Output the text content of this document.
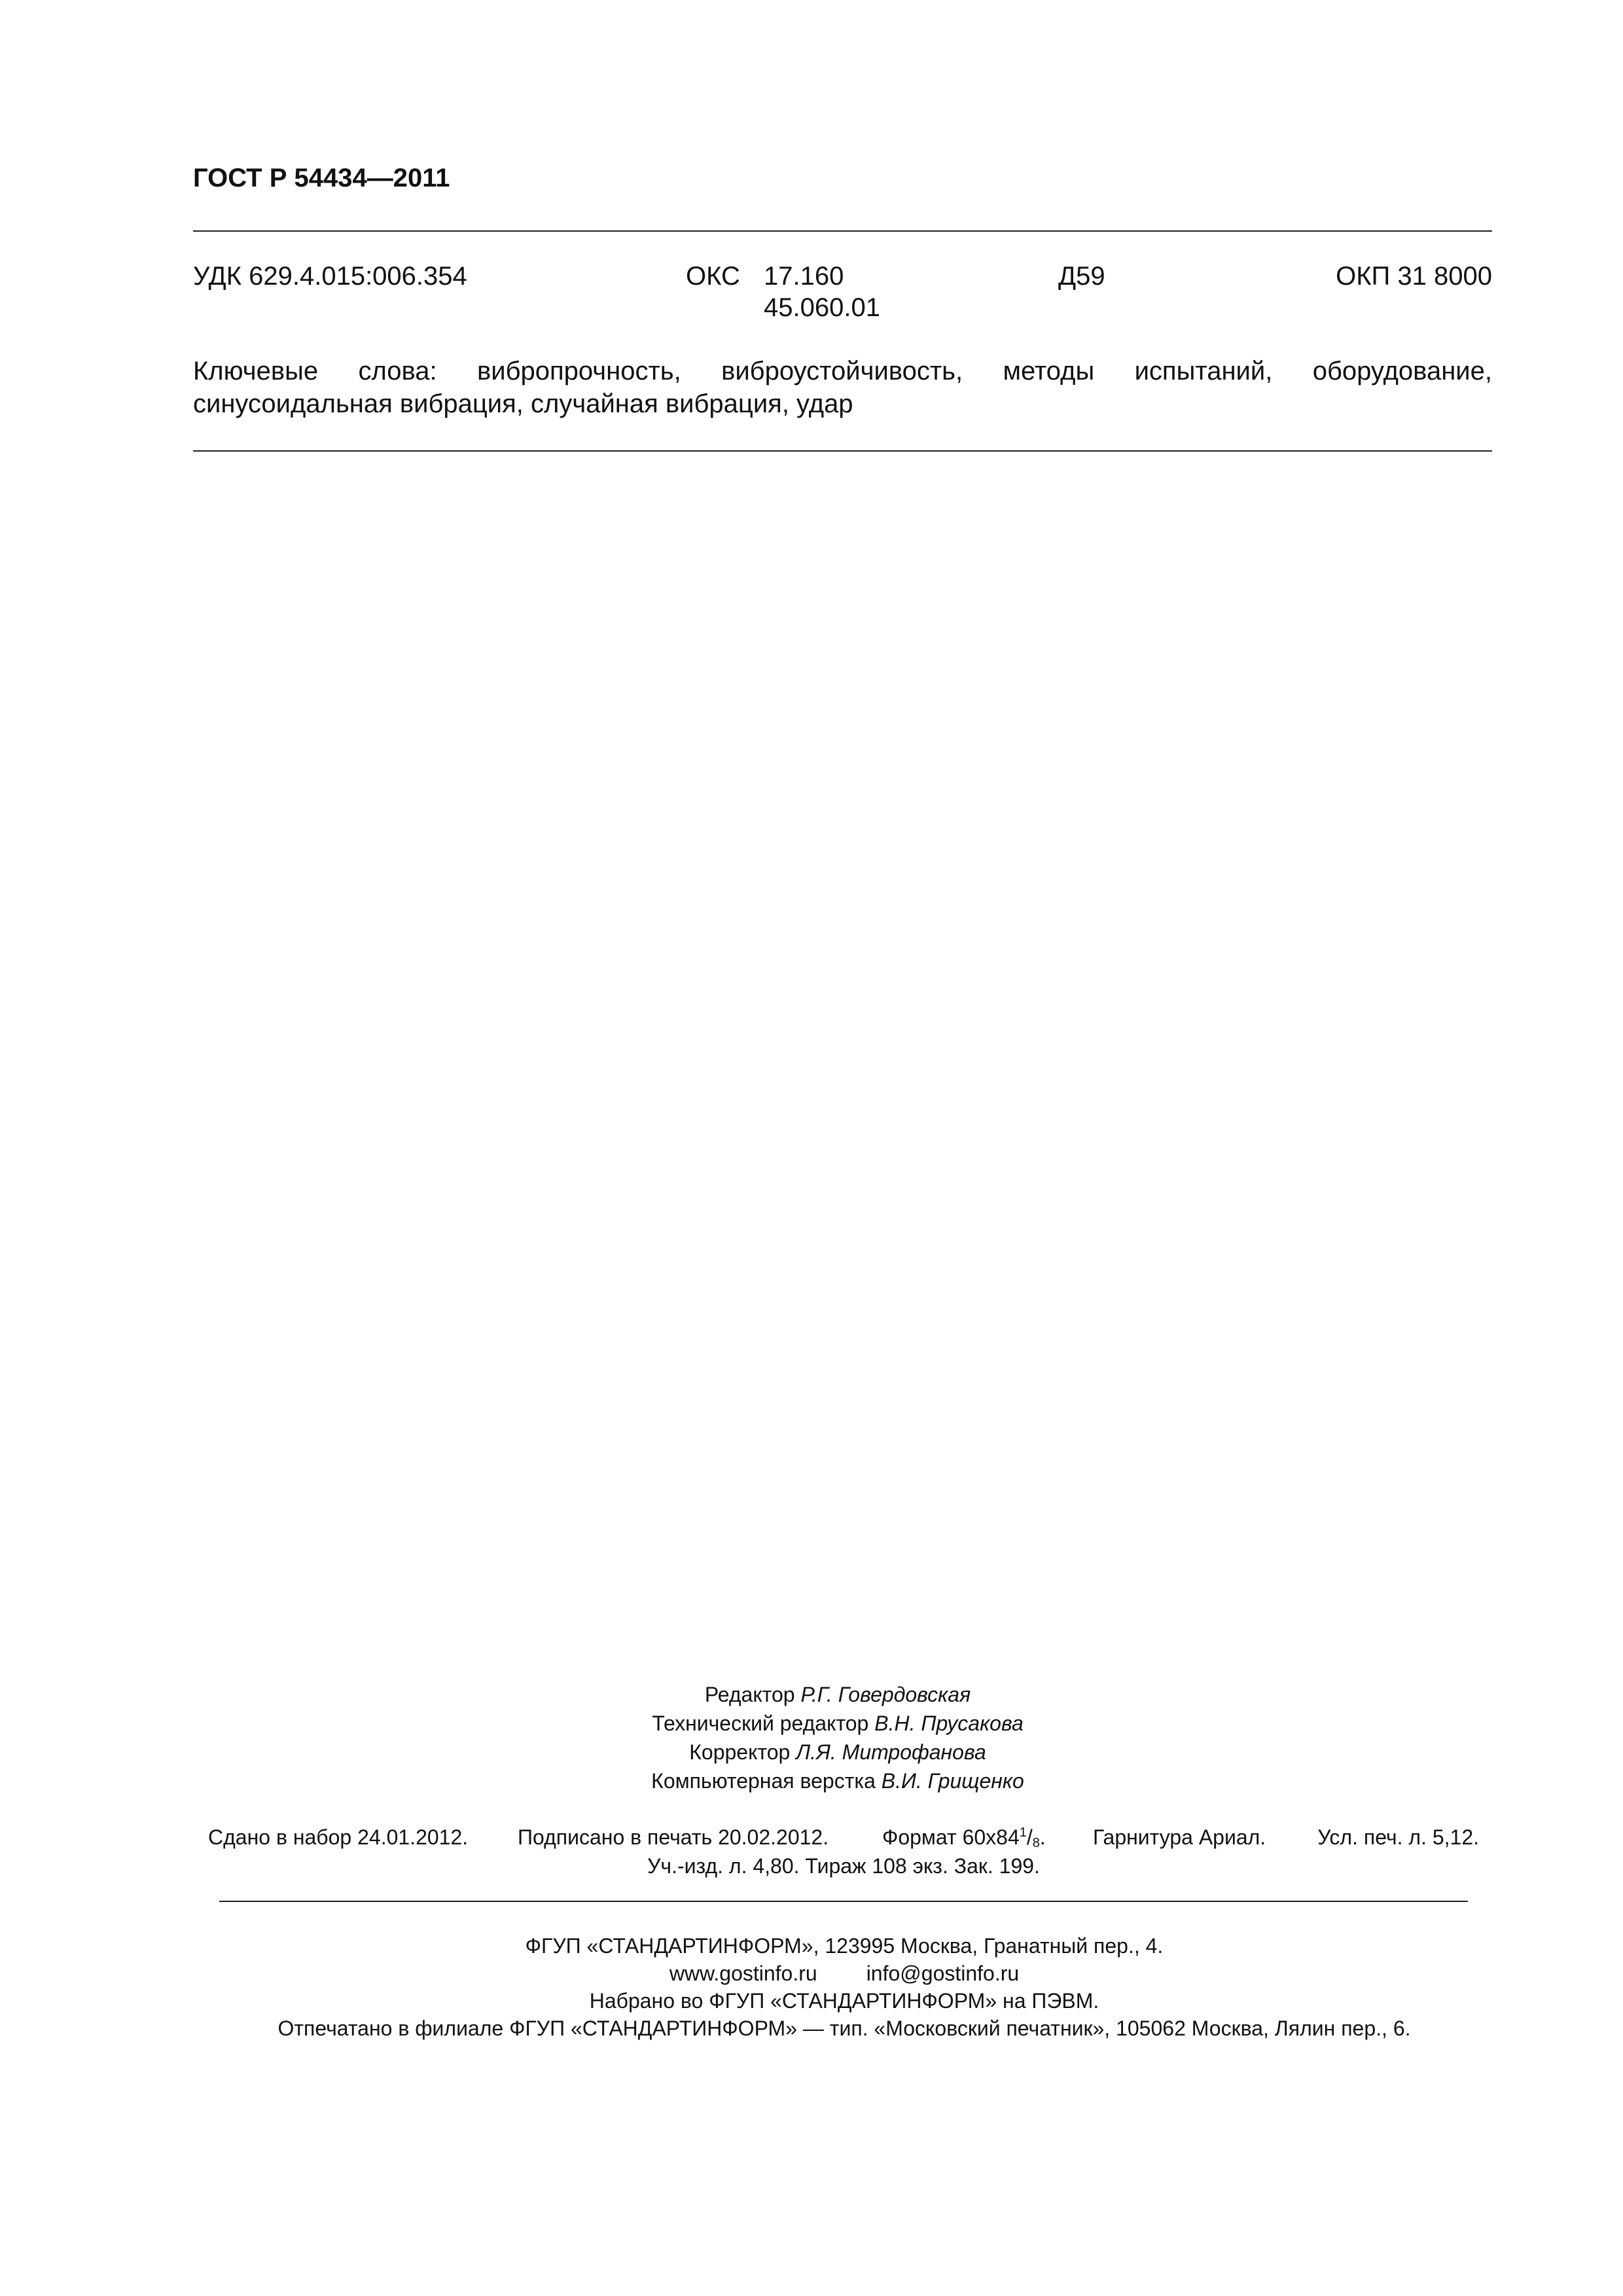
ГОСТ Р 54434—2011
УДК 629.4.015:006.354	ОКС 17.160
45.060.01
Д59	ОКП 31 8000
Ключевые слова: вибропрочность, виброустойчивость, методы испытаний, оборудование, синусоидальная вибрация, случайная вибрация, удар
Редактор Р.Г. Говердовская
Технический редактор В.Н. Прусакова
Корректор Л.Я. Митрофанова
Компьютерная верстка В.И. Грищенко
Сдано в набор 24.01.2012. Подписано в печать 20.02.2012.	Формат $60х84^1/_8$. Гарнитура Ариал. Усл. печ. л. 5,12.
Уч.-изд. л. 4,80. Тираж 108 экз. Зак. 199.
ФГУП «СТАНДАРТИНФОРМ», 123995 Москва, Гранатный пер., 4.
www.gostinfo.ru info@gostinfo.ru
Набрано во ФГУП «СТАНДАРТИНФОРМ» на ПЭВМ.
Отпечатано в филиале ФГУП «СТАНДАРТИНФОРМ» — тип. «Московский печатник», 105062 Москва, Лялин пер., 6.
